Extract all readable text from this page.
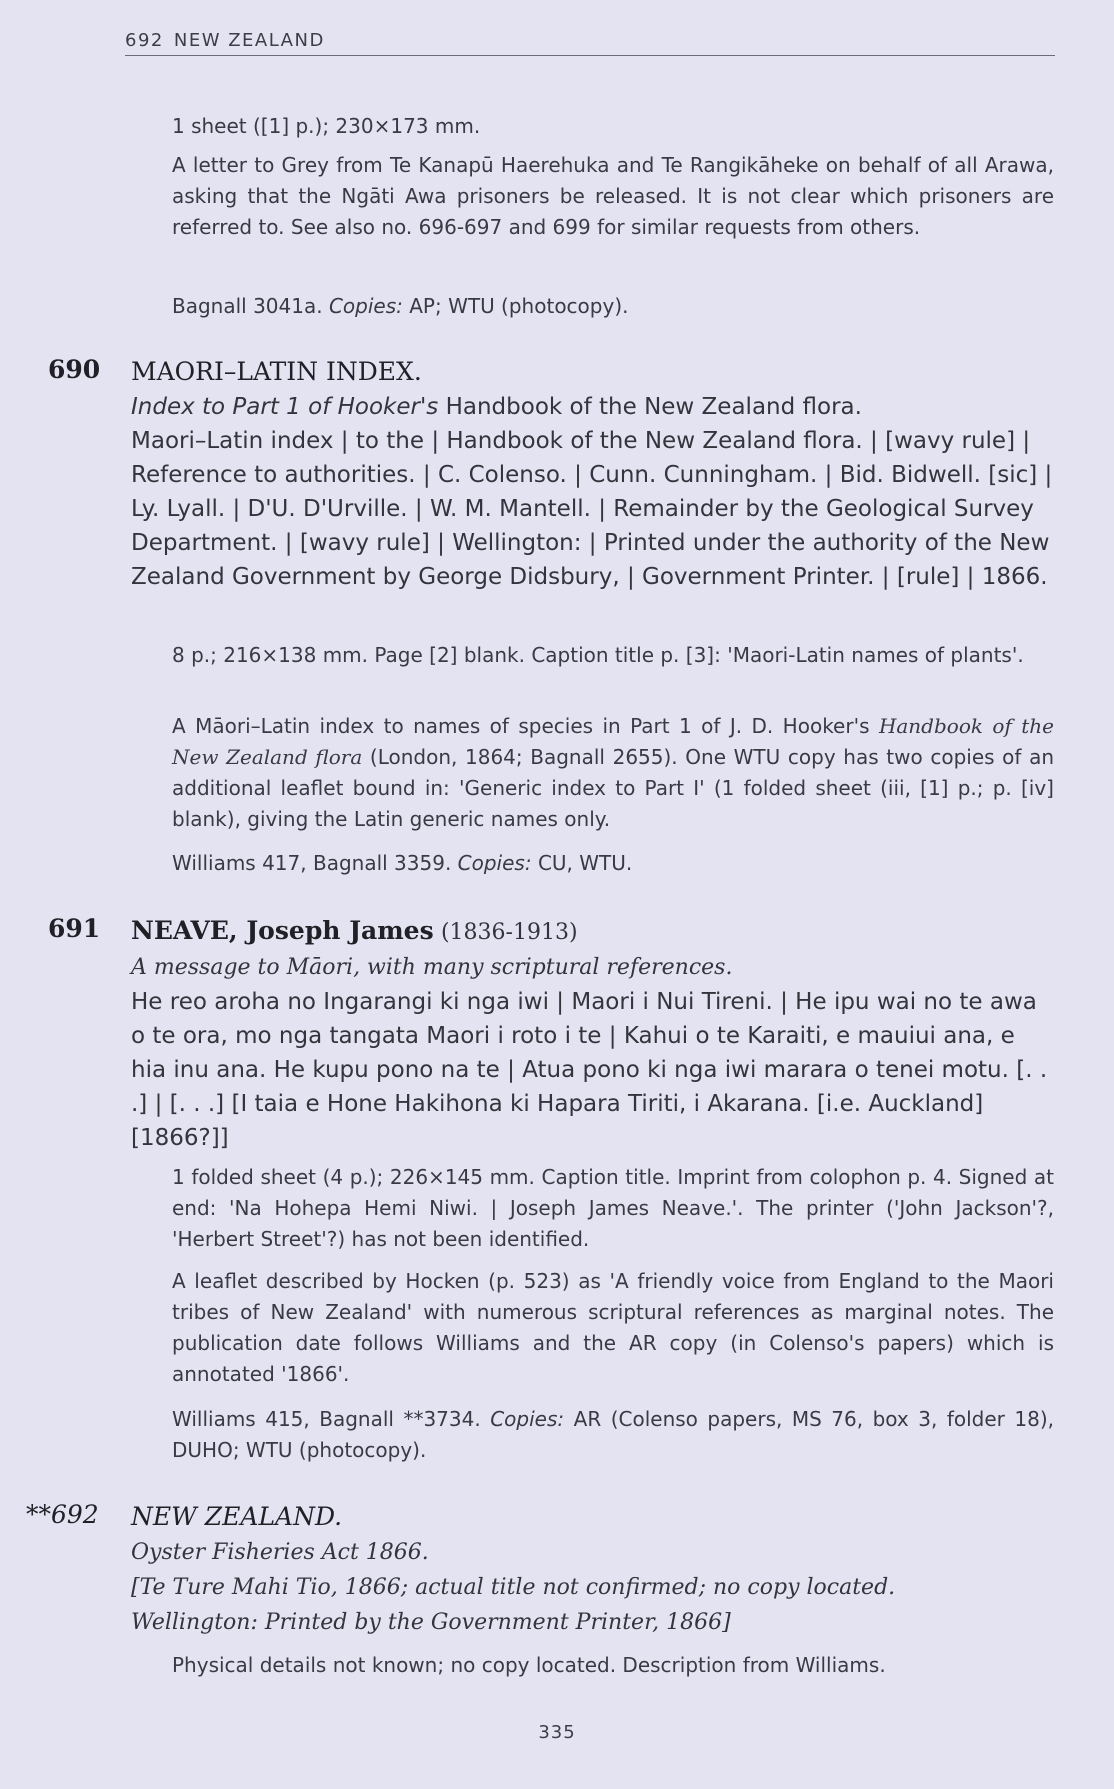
692 NEW ZEALAND
1 sheet ([1] p.); 230×173 mm.
A letter to Grey from Te Kanapū Haerehuka and Te Rangikāheke on behalf of all Arawa, asking that the Ngāti Awa prisoners be released. It is not clear which prisoners are referred to. See also no. 696-697 and 699 for similar requests from others.
Bagnall 3041a. Copies: AP; WTU (photocopy).
690	MAORI–LATIN INDEX.
Index to Part 1 of Hooker's Handbook of the New Zealand flora.
Maori–Latin index | to the | Handbook of the New Zealand flora. | [wavy rule] | Reference to authorities. | C. Colenso. | Cunn. Cunningham. | Bid. Bidwell. [sic] | Ly. Lyall. | D'U. D'Urville. | W. M. Mantell. | Remainder by the Geological Survey Department. | [wavy rule] | Wellington: | Printed under the authority of the New Zealand Government by George Didsbury, | Government Printer. | [rule] | 1866.
8 p.; 216×138 mm. Page [2] blank. Caption title p. [3]: 'Maori-Latin names of plants'.
A Māori–Latin index to names of species in Part 1 of J. D. Hooker's Handbook of the New Zealand flora (London, 1864; Bagnall 2655). One WTU copy has two copies of an additional leaflet bound in: 'Generic index to Part I' (1 folded sheet (iii, [1] p.; p. [iv] blank), giving the Latin generic names only.
Williams 417, Bagnall 3359. Copies: CU, WTU.
691	NEAVE, Joseph James (1836-1913)
A message to Māori, with many scriptural references.
He reo aroha no Ingarangi ki nga iwi | Maori i Nui Tireni. | He ipu wai no te awa o te ora, mo nga tangata Maori i roto i te | Kahui o te Karaiti, e mauiui ana, e hia inu ana. He kupu pono na te | Atua pono ki nga iwi marara o tenei motu. [. . .] | [. . .] [I taia e Hone Hakihona ki Hapara Tiriti, i Akarana. [i.e. Auckland] [1866?]]
1 folded sheet (4 p.); 226×145 mm. Caption title. Imprint from colophon p. 4. Signed at end: 'Na Hohepa Hemi Niwi. | Joseph James Neave.'. The printer ('John Jackson'?, 'Herbert Street'?) has not been identified.
A leaflet described by Hocken (p. 523) as 'A friendly voice from England to the Maori tribes of New Zealand' with numerous scriptural references as marginal notes. The publication date follows Williams and the AR copy (in Colenso's papers) which is annotated '1866'.
Williams 415, Bagnall **3734. Copies: AR (Colenso papers, MS 76, box 3, folder 18), DUHO; WTU (photocopy).
**692 NEW ZEALAND.
Oyster Fisheries Act 1866.
[Te Ture Mahi Tio, 1866; actual title not confirmed; no copy located.
Wellington: Printed by the Government Printer, 1866]
Physical details not known; no copy located. Description from Williams.
335
